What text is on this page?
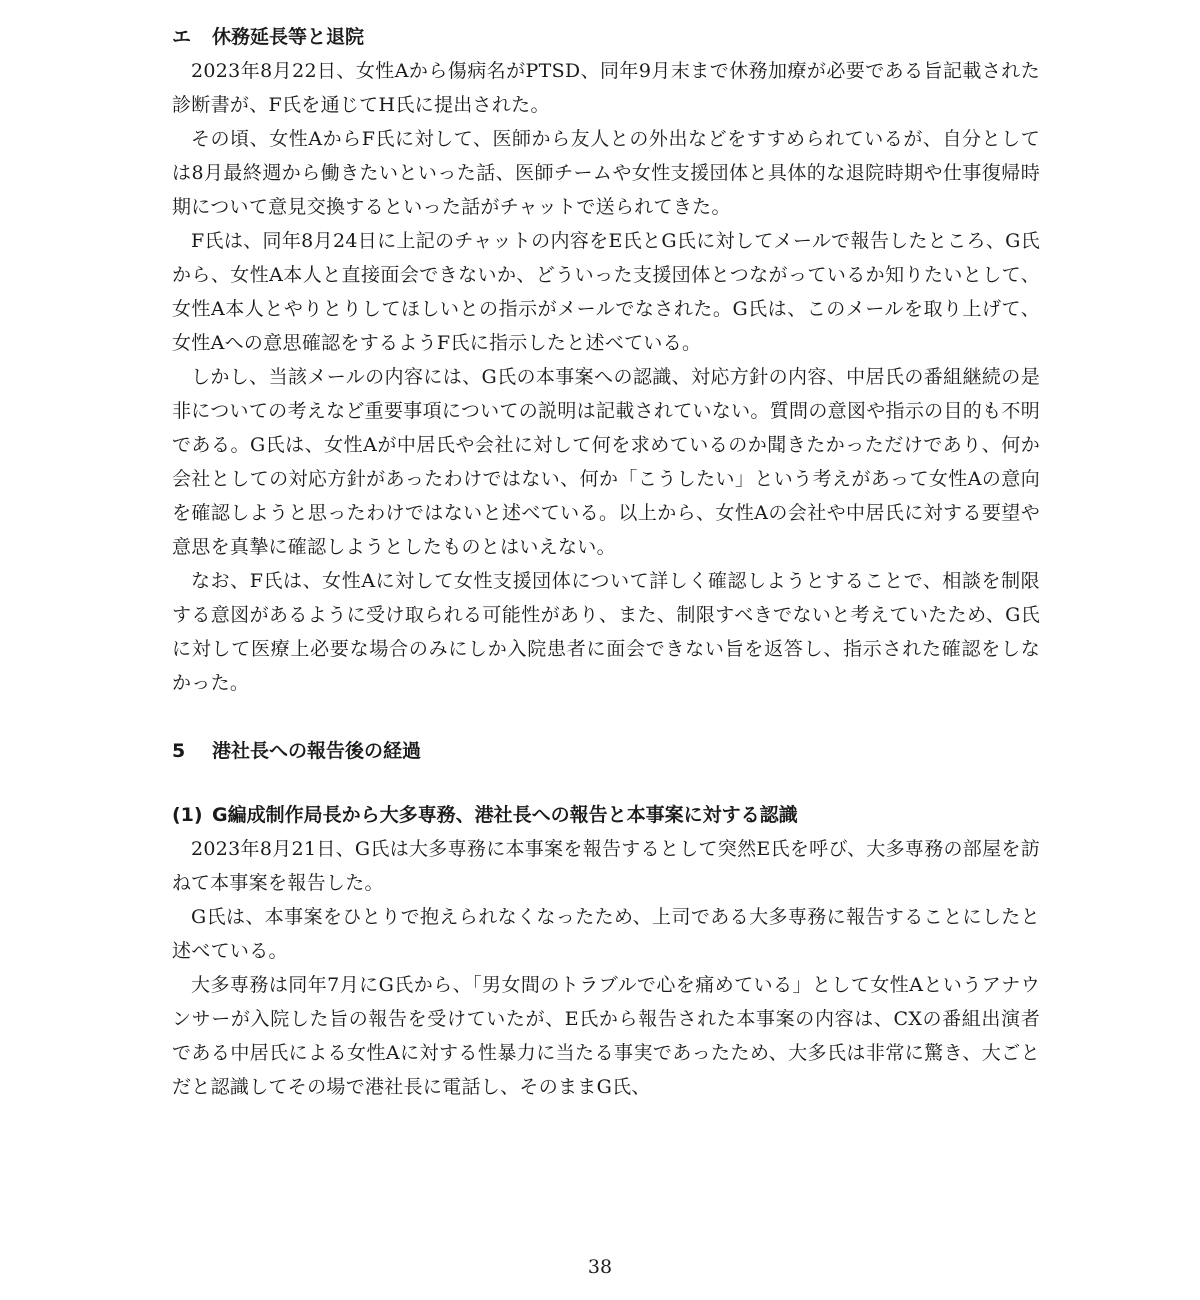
エ 休務延長等と退院

2023年8月22日、女性Aから傷病名がPTSD、同年9月末まで休務加療が必要である旨記載された診断書が、F氏を通じてH氏に提出された。

その頃、女性AからF氏に対して、医師から友人との外出などをすすめられているが、自分としては8月最終週から働きたいといった話、医師チームや女性支援団体と具体的な退院時期や仕事復帰時期について意見交換するといった話がチャットで送られてきた。

F氏は、同年8月24日に上記のチャットの内容をE氏とG氏に対してメールで報告したところ、G氏から、女性A本人と直接面会できないか、どういった支援団体とつながっているか知りたいとして、女性A本人とやりとりしてほしいとの指示がメールでなされた。G氏は、このメールを取り上げて、女性Aへの意思確認をするようF氏に指示したと述べている。

しかし、当該メールの内容には、G氏の本事案への認識、対応方針の内容、中居氏の番組継続の是非についての考えなど重要事項についての説明は記載されていない。質問の意図や指示の目的も不明である。G氏は、女性Aが中居氏や会社に対して何を求めているのか聞きたかっただけであり、何か会社としての対応方針があったわけではない、何か「こうしたい」という考えがあって女性Aの意向を確認しようと思ったわけではないと述べている。以上から、女性Aの会社や中居氏に対する要望や意思を真摯に確認しようとしたものとはいえない。

なお、F氏は、女性Aに対して女性支援団体について詳しく確認しようとすることで、相談を制限する意図があるように受け取られる可能性があり、また、制限すべきでないと考えていたため、G氏に対して医療上必要な場合のみにしか入院患者に面会できない旨を返答し、指示された確認をしなかった。

5 港社長への報告後の経過
(1) G編成制作局長から大多専務、港社長への報告と本事案に対する認識

2023年8月21日、G氏は大多専務に本事案を報告するとして突然E氏を呼び、大多専務の部屋を訪ねて本事案を報告した。

G氏は、本事案をひとりで抱えられなくなったため、上司である大多専務に報告することにしたと述べている。

大多専務は同年7月にG氏から、「男女間のトラブルで心を痛めている」として女性Aというアナウンサーが入院した旨の報告を受けていたが、E氏から報告された本事案の内容は、CXの番組出演者である中居氏による女性Aに対する性暴力に当たる事実であったため、大多氏は非常に驚き、大ごとだと認識してその場で港社長に電話し、そのままG氏、

38
